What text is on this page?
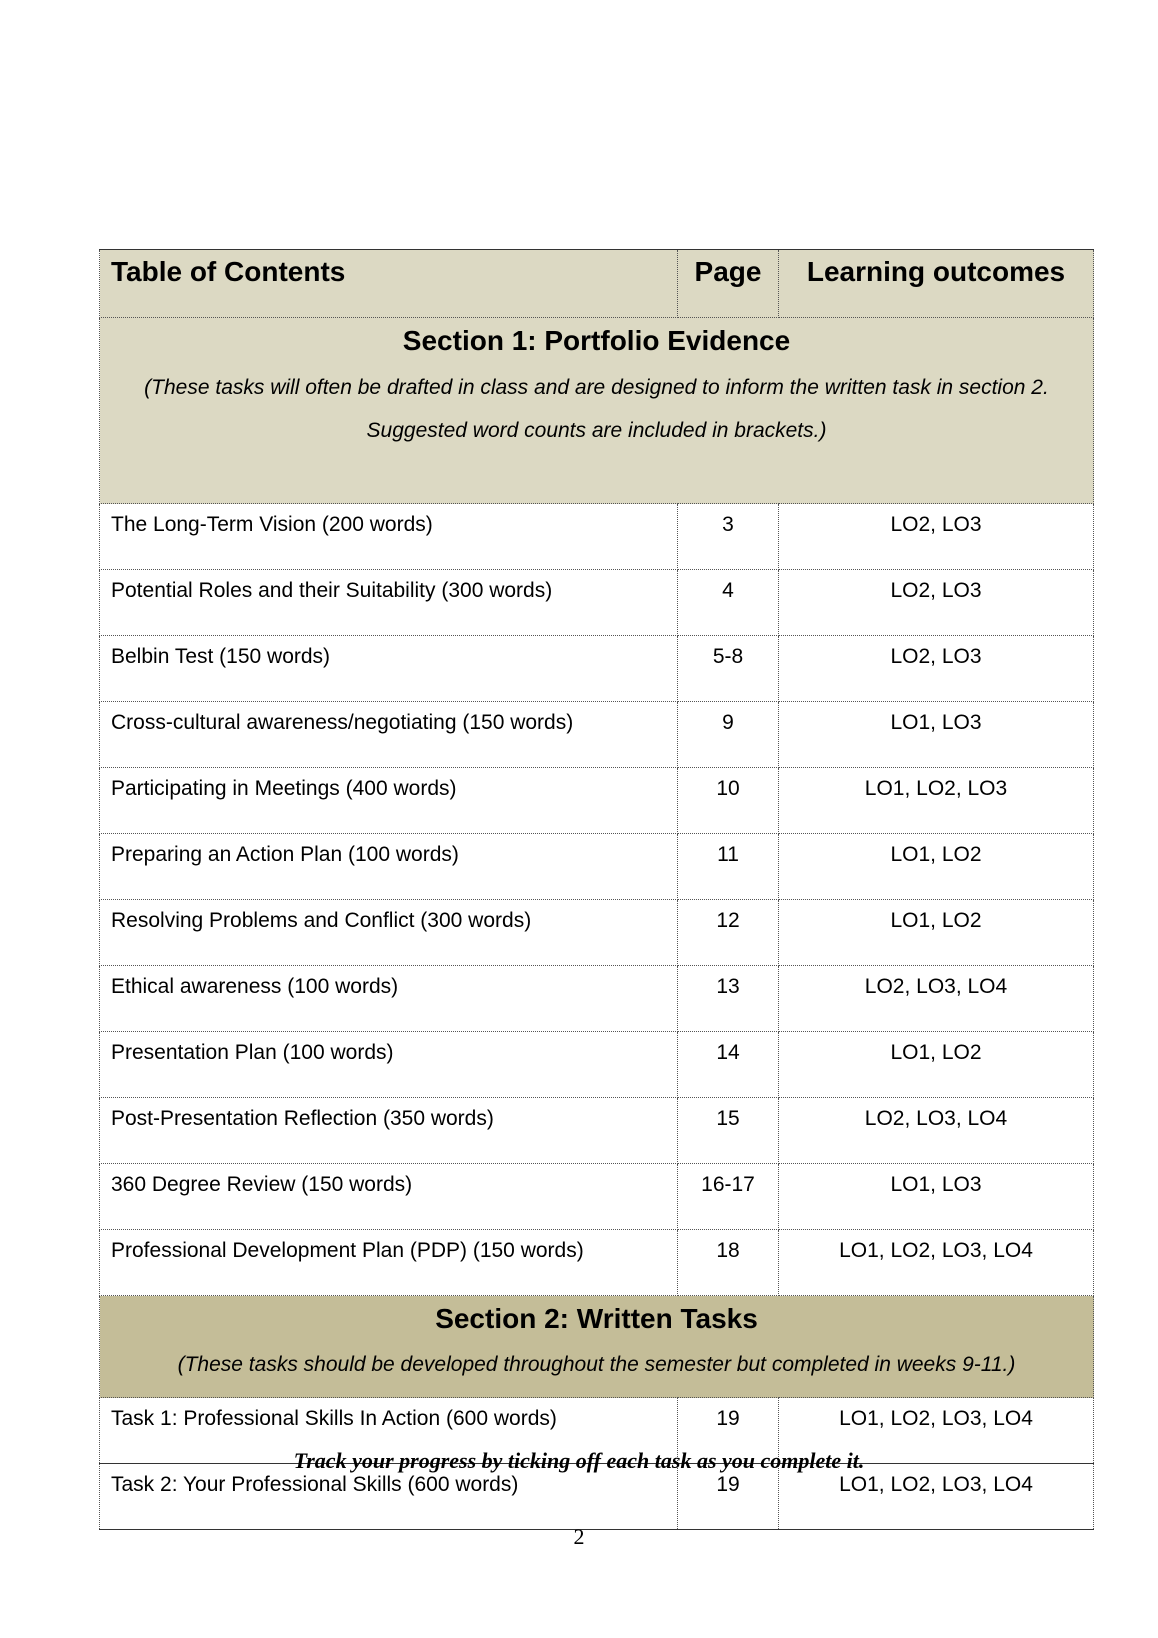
Table of Contents	Page	Learning outcomes

Section 1: Portfolio Evidence
(These tasks will often be drafted in class and are designed to inform the written task in section 2.
Suggested word counts are included in brackets.)		

The Long-Term Vision (200 words)	3	LO2, LO3
Potential Roles and their Suitability (300 words)	4	LO2, LO3
Belbin Test (150 words)	5-8	LO2, LO3
Cross-cultural awareness/negotiating (150 words)	9	LO1, LO3
Participating in Meetings (400 words)	10	LO1, LO2, LO3
Preparing an Action Plan (100 words)	11	LO1, LO2
Resolving Problems and Conflict (300 words)	12	LO1, LO2
Ethical awareness (100 words)	13	LO2, LO3, LO4
Presentation Plan (100 words)	14	LO1, LO2
Post-Presentation Reflection (350 words)	15	LO2, LO3, LO4
360 Degree Review (150 words)	16-17	LO1, LO3
Professional Development Plan (PDP) (150 words)	18	LO1, LO2, LO3, LO4

Section 2: Written Tasks
(These tasks should be developed throughout the semester but completed in weeks 9-11.)		

Task 1: Professional Skills In Action (600 words)	19	LO1, LO2, LO3, LO4
Task 2: Your Professional Skills (600 words)	19	LO1, LO2, LO3, LO4
Track your progress by ticking off each task as you complete it.
2
